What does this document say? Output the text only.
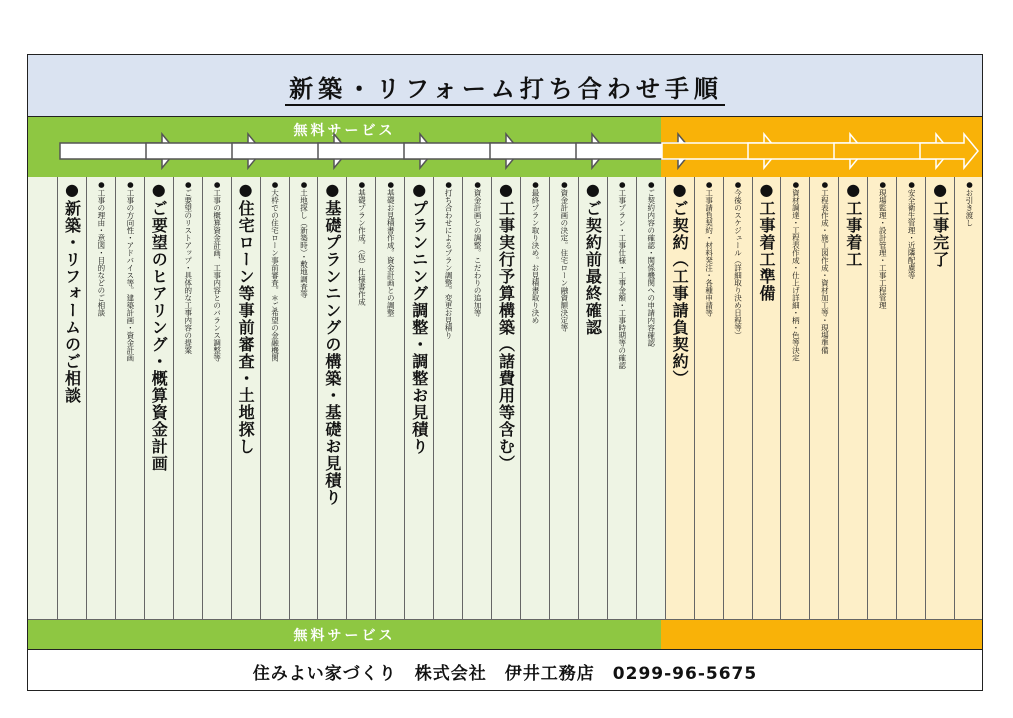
新築・リフォーム打ち合わせ手順
無料サービス
●新築・リフォームのご相談 ●工事の理由・意図・目的などのご相談	●工事の方向性・アドバイス等。建築計画・資金計画 ●ご要望のヒアリング・概算資金計画 ●ご要望のリストアップ・具体的な工事内容の提案	●工事の概算資金計画、工事内容とのバランス調整等 ●住宅ローン等事前審査・土地探し ●大枠での住宅ローン事前審査。＊ご希望の金融機関	●土地探し（新築時）・敷地調査等 ●基礎プランニングの構築・基礎お見積り ●基礎プラン作成。（仮）仕様書作成	●基礎お見積書作成。資金計画との調整 ●プランニング調整・調整お見積り ●打ち合わせによるプラン調整。変更お見積り	●資金計画との調整。こだわりの追加等 ●工事実行予算構築（諸費用等含む） ●最終プラン取り決め。お見積書取り決め	●資金計画の決定。住宅ローン融資額決定等 ●ご契約前最終確認 ●工事プラン・工事仕様・工事金額・工事時期等の確認	●ご契約内容の確認・関係機関への申請内容確認 ●ご契約（工事請負契約） ●工事請負契約・材料発注・各種申請等	●今後のスケジュール（詳細取り決め日程等） ●工事着工準備 ●資材調達・工程表作成・仕上げ詳細・柄・色等決定	●工程表作成・施工図作成・資材加工等・現場準備 ●工事着工 ●現場監理・設計管理・工事工程管理	●安全衛生管理・近隣配慮等 ●工事完了 ●お引き渡し
無料サービス
住みよい家づくり　株式会社　伊井工務店　0299-96-5675
